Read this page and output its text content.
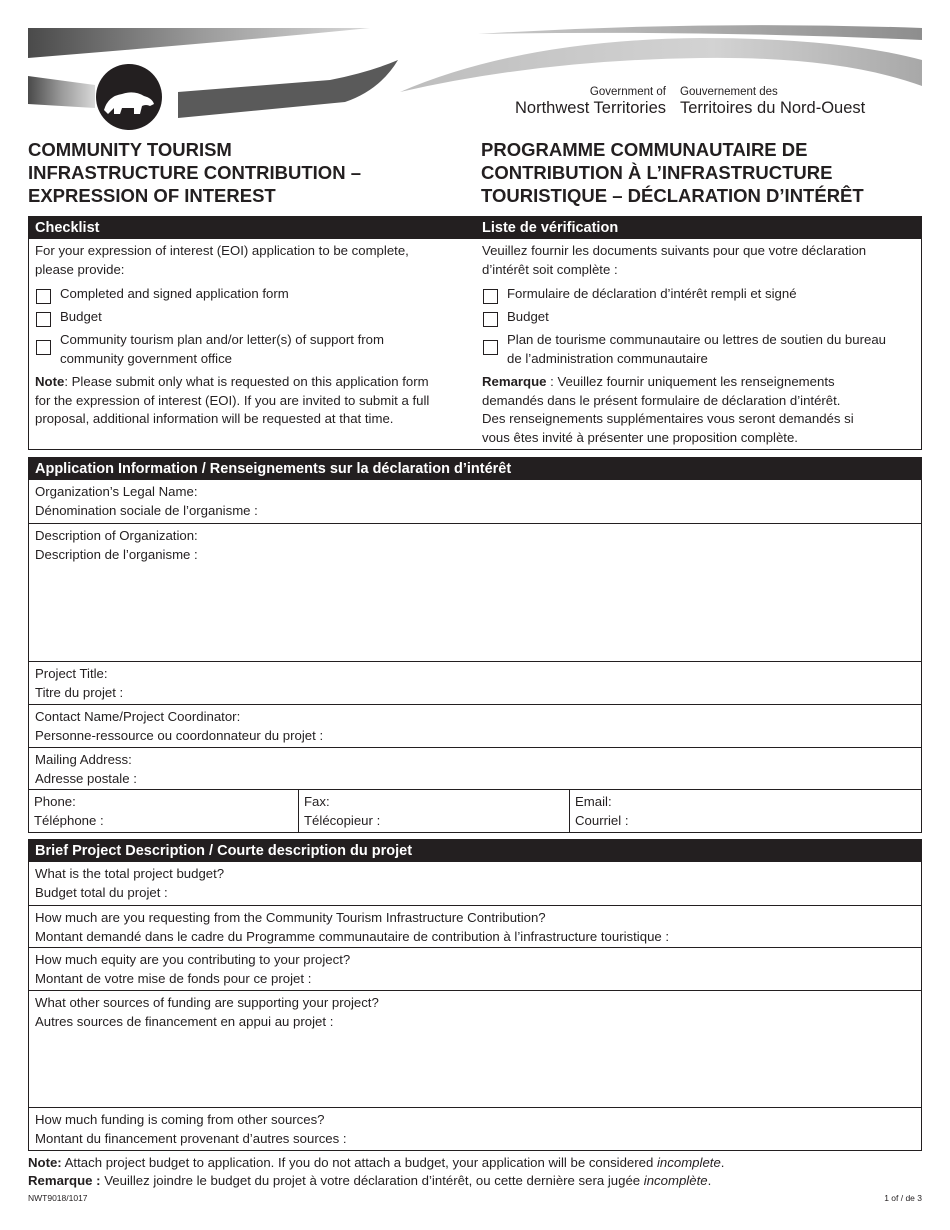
Government of
Northwest Territories
Gouvernement des
Territoires du Nord-Ouest
COMMUNITY TOURISM
INFRASTRUCTURE CONTRIBUTION –
EXPRESSION OF INTEREST
PROGRAMME COMMUNAUTAIRE DE
CONTRIBUTION À L’INFRASTRUCTURE
TOURISTIQUE – DÉCLARATION D’INTÉRÊT
Checklist	Liste de vérification
For your expression of interest (EOI) application to be complete,
please provide:
Completed and signed application form
Budget
Community tourism plan and/or letter(s) of support from
community government office
Note: Please submit only what is requested on this application form
for the expression of interest (EOI). If you are invited to submit a full
proposal, additional information will be requested at that time.
Veuillez fournir les documents suivants pour que votre déclaration
d’intérêt soit complète :
Formulaire de déclaration d’intérêt rempli et signé
Budget
Plan de tourisme communautaire ou lettres de soutien du bureau
de l’administration communautaire
Remarque : Veuillez fournir uniquement les renseignements
demandés dans le présent formulaire de déclaration d’intérêt.
Des renseignements supplémentaires vous seront demandés si
vous êtes invité à présenter une proposition complète.
Application Information / Renseignements sur la déclaration d’intérêt
Organization’s Legal Name:
Dénomination sociale de l’organisme :
Description of Organization:
Description de l’organisme :
Project Title:
Titre du projet :
Contact Name/Project Coordinator:
Personne-ressource ou coordonnateur du projet :
Mailing Address:
Adresse postale :
Phone:
Téléphone :
Fax:
Télécopieur :
Email:
Courriel :
Brief Project Description / Courte description du projet
What is the total project budget?
Budget total du projet :
How much are you requesting from the Community Tourism Infrastructure Contribution?
Montant demandé dans le cadre du Programme communautaire de contribution à l’infrastructure touristique :
How much equity are you contributing to your project?
Montant de votre mise de fonds pour ce projet :
What other sources of funding are supporting your project?
Autres sources de financement en appui au projet :
How much funding is coming from other sources?
Montant du financement provenant d’autres sources :
Note: Attach project budget to application. If you do not attach a budget, your application will be considered incomplete.
Remarque : Veuillez joindre le budget du projet à votre déclaration d’intérêt, ou cette dernière sera jugée incomplète.
NWT9018/1017	1 of / de 3
